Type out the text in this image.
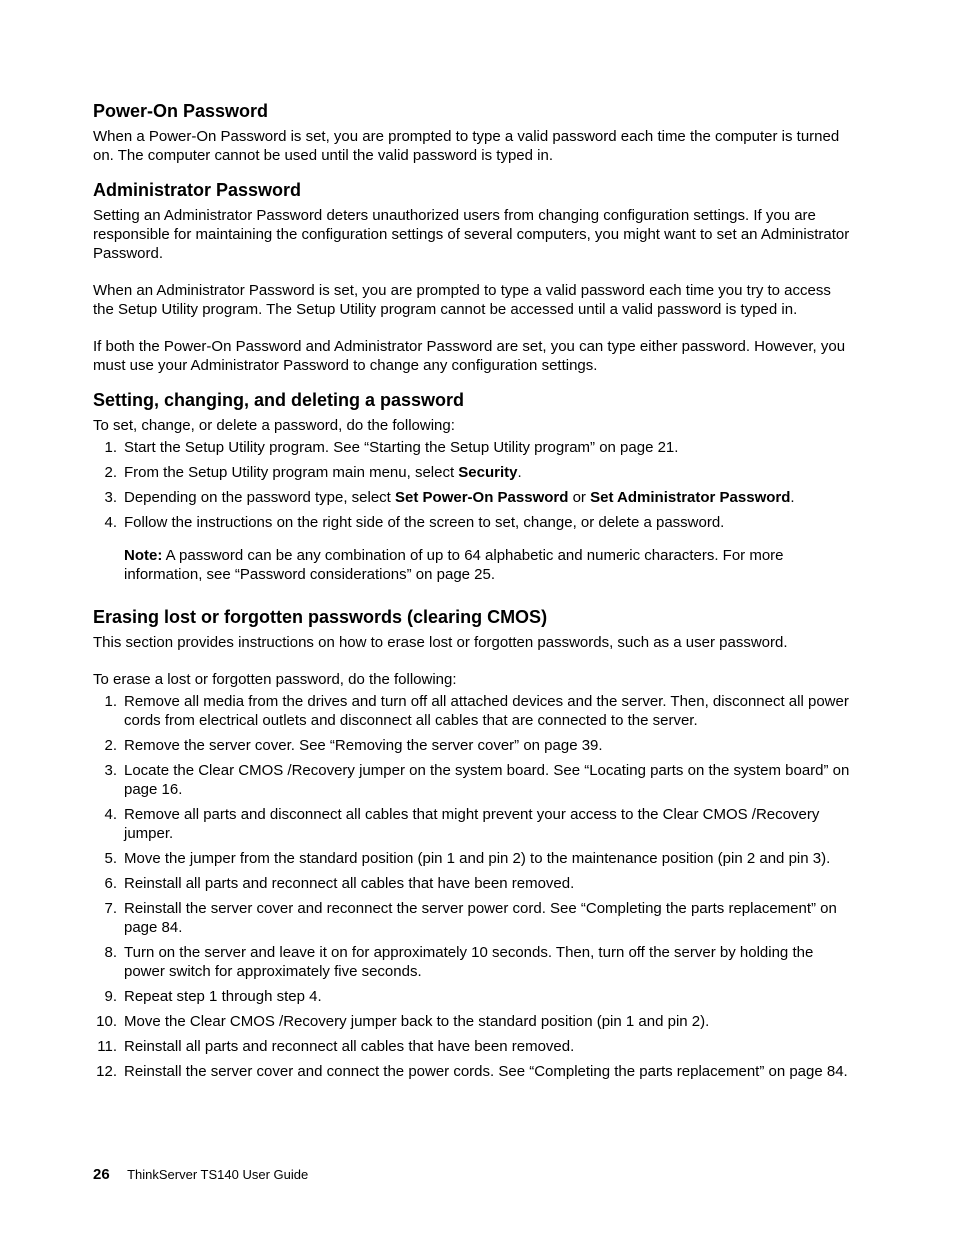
Power-On Password

When a Power-On Password is set, you are prompted to type a valid password each time the computer is turned on. The computer cannot be used until the valid password is typed in.

Administrator Password

Setting an Administrator Password deters unauthorized users from changing configuration settings. If you are responsible for maintaining the configuration settings of several computers, you might want to set an Administrator Password.

When an Administrator Password is set, you are prompted to type a valid password each time you try to access the Setup Utility program. The Setup Utility program cannot be accessed until a valid password is typed in.

If both the Power-On Password and Administrator Password are set, you can type either password. However, you must use your Administrator Password to change any configuration settings.

Setting, changing, and deleting a password

To set, change, or delete a password, do the following:

1. Start the Setup Utility program. See “Starting the Setup Utility program” on page 21.
2. From the Setup Utility program main menu, select Security.
3. Depending on the password type, select Set Power-On Password or Set Administrator Password.
4. Follow the instructions on the right side of the screen to set, change, or delete a password.

Note: A password can be any combination of up to 64 alphabetic and numeric characters. For more information, see “Password considerations” on page 25.

Erasing lost or forgotten passwords (clearing CMOS)

This section provides instructions on how to erase lost or forgotten passwords, such as a user password.

To erase a lost or forgotten password, do the following:

1. Remove all media from the drives and turn off all attached devices and the server. Then, disconnect all power cords from electrical outlets and disconnect all cables that are connected to the server.
2. Remove the server cover. See “Removing the server cover” on page 39.
3. Locate the Clear CMOS /Recovery jumper on the system board. See “Locating parts on the system board” on page 16.
4. Remove all parts and disconnect all cables that might prevent your access to the Clear CMOS /Recovery jumper.
5. Move the jumper from the standard position (pin 1 and pin 2) to the maintenance position (pin 2 and pin 3).
6. Reinstall all parts and reconnect all cables that have been removed.
7. Reinstall the server cover and reconnect the server power cord. See “Completing the parts replacement” on page 84.
8. Turn on the server and leave it on for approximately 10 seconds. Then, turn off the server by holding the power switch for approximately five seconds.
9. Repeat step 1 through step 4.
10. Move the Clear CMOS /Recovery jumper back to the standard position (pin 1 and pin 2).
11. Reinstall all parts and reconnect all cables that have been removed.
12. Reinstall the server cover and connect the power cords. See “Completing the parts replacement” on page 84.
26 ThinkServer TS140 User Guide
